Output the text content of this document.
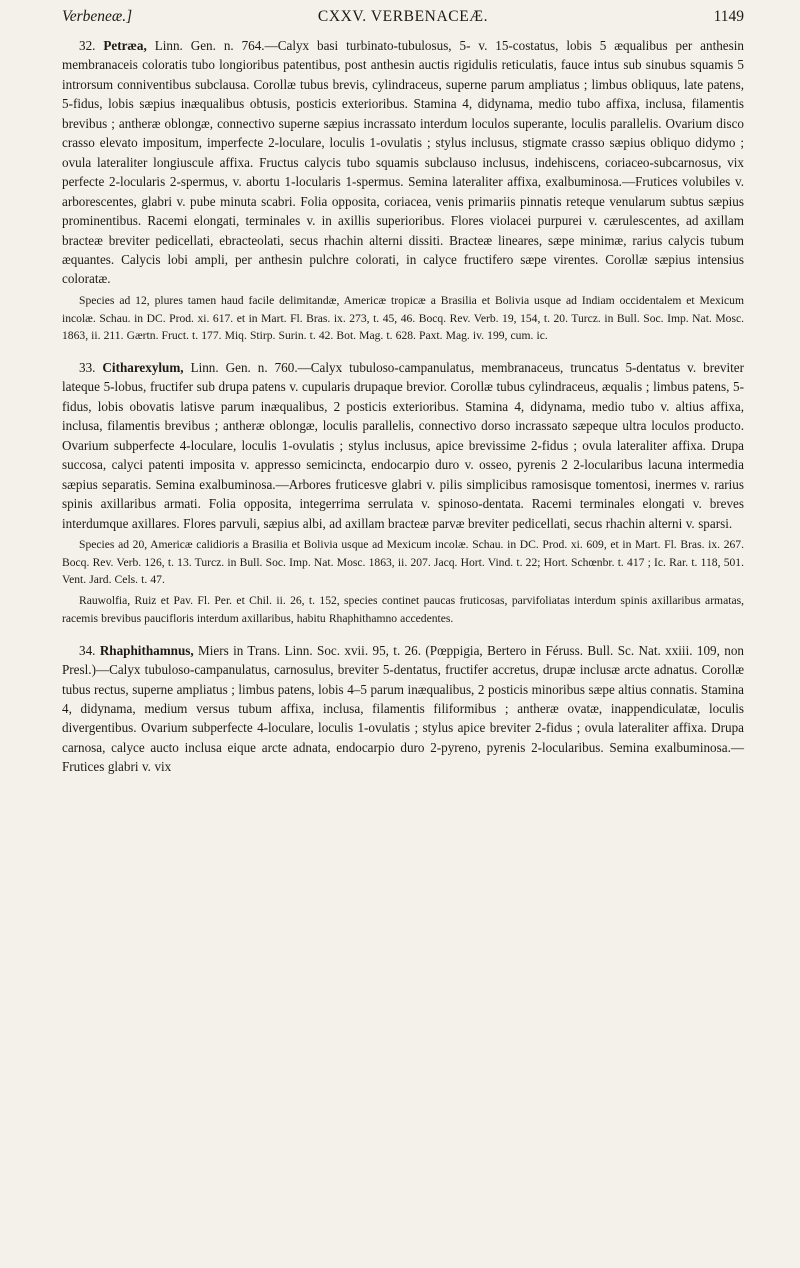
Verbeneæ.]	CXXV. VERBENACEÆ.	1149

32. Petræa, Linn. Gen. n. 764.—Calyx basi turbinato-tubulosus, 5- v. 15-costatus, lobis 5 æqualibus per anthesin membranaceis coloratis tubo longioribus patentibus, post anthesin auctis rigidulis reticulatis, fauce intus sub sinubus squamis 5 introrsum conniventibus subclausa. Corollæ tubus brevis, cylindraceus, superne parum ampliatus ; limbus obliquus, late patens, 5-fidus, lobis sæpius inæqualibus obtusis, posticis exterioribus. Stamina 4, didynama, medio tubo affixa, inclusa, filamentis brevibus ; antheræ oblongæ, connectivo superne sæpius incrassato interdum loculos superante, loculis parallelis. Ovarium disco crasso elevato impositum, imperfecte 2-loculare, loculis 1-ovulatis ; stylus inclusus, stigmate crasso sæpius obliquo didymo ; ovula lateraliter longiuscule affixa. Fructus calycis tubo squamis subclauso inclusus, indehiscens, coriaceo-subcarnosus, vix perfecte 2-locularis 2-spermus, v. abortu 1-locularis 1-spermus. Semina lateraliter affixa, exalbuminosa.—Frutices volubiles v. arborescentes, glabri v. pube minuta scabri. Folia opposita, coriacea, venis primariis pinnatis reteque venularum subtus sæpius prominentibus. Racemi elongati, terminales v. in axillis superioribus. Flores violacei purpurei v. cærulescentes, ad axillam bracteæ breviter pedicellati, ebracteolati, secus rhachin alterni dissiti. Bracteæ lineares, sæpe minimæ, rarius calycis tubum æquantes. Calycis lobi ampli, per anthesin pulchre colorati, in calyce fructifero sæpe virentes. Corollæ sæpius intensius coloratæ.

Species ad 12, plures tamen haud facile delimitandæ, Americæ tropicæ a Brasilia et Bolivia usque ad Indiam occidentalem et Mexicum incolæ. Schau. in DC. Prod. xi. 617. et in Mart. Fl. Bras. ix. 273, t. 45, 46. Bocq. Rev. Verb. 19, 154, t. 20. Turcz. in Bull. Soc. Imp. Nat. Mosc. 1863, ii. 211. Gærtn. Fruct. t. 177. Miq. Stirp. Surin. t. 42. Bot. Mag. t. 628. Paxt. Mag. iv. 199, cum. ic.

33. Citharexylum, Linn. Gen. n. 760.—Calyx tubuloso-campanulatus, membranaceus, truncatus 5-dentatus v. breviter lateque 5-lobus, fructifer sub drupa patens v. cupularis drupaque brevior. Corollæ tubus cylindraceus, æqualis ; limbus patens, 5-fidus, lobis obovatis latisve parum inæqualibus, 2 posticis exterioribus. Stamina 4, didynama, medio tubo v. altius affixa, inclusa, filamentis brevibus ; antheræ oblongæ, loculis parallelis, connectivo dorso incrassato sæpeque ultra loculos producto. Ovarium subperfecte 4-loculare, loculis 1-ovulatis ; stylus inclusus, apice brevissime 2-fidus ; ovula lateraliter affixa. Drupa succosa, calyci patenti imposita v. appresso semicincta, endocarpio duro v. osseo, pyrenis 2 2-locularibus lacuna intermedia sæpius separatis. Semina exalbuminosa.—Arbores fruticesve glabri v. pilis simplicibus ramosisque tomentosi, inermes v. rarius spinis axillaribus armati. Folia opposita, integerrima serrulata v. spinoso-dentata. Racemi terminales elongati v. breves interdumque axillares. Flores parvuli, sæpius albi, ad axillam bracteæ parvæ breviter pedicellati, secus rhachin alterni v. sparsi.

Species ad 20, Americæ calidioris a Brasilia et Bolivia usque ad Mexicum incolæ. Schau. in DC. Prod. xi. 609, et in Mart. Fl. Bras. ix. 267. Bocq. Rev. Verb. 126, t. 13. Turcz. in Bull. Soc. Imp. Nat. Mosc. 1863, ii. 207. Jacq. Hort. Vind. t. 22; Hort. Schœnbr. t. 417 ; Ic. Rar. t. 118, 501. Vent. Jard. Cels. t. 47.

Rauwolfia, Ruiz et Pav. Fl. Per. et Chil. ii. 26, t. 152, species continet paucas fruticosas, parvifoliatas interdum spinis axillaribus armatas, racemis brevibus paucifloris interdum axillaribus, habitu Rhaphithamno accedentes.

34. Rhaphithamnus, Miers in Trans. Linn. Soc. xvii. 95, t. 26. (Pœppigia, Bertero in Féruss. Bull. Sc. Nat. xxiii. 109, non Presl.)—Calyx tubuloso-campanulatus, carnosulus, breviter 5-dentatus, fructifer accretus, drupæ inclusæ arcte adnatus. Corollæ tubus rectus, superne ampliatus ; limbus patens, lobis 4–5 parum inæqualibus, 2 posticis minoribus sæpe altius connatis. Stamina 4, didynama, medium versus tubum affixa, inclusa, filamentis filiformibus ; antheræ ovatæ, inappendiculatæ, loculis divergentibus. Ovarium subperfecte 4-loculare, loculis 1-ovulatis ; stylus apice breviter 2-fidus ; ovula lateraliter affixa. Drupa carnosa, calyce aucto inclusa eique arcte adnata, endocarpio duro 2-pyreno, pyrenis 2-locularibus. Semina exalbuminosa.—Frutices glabri v. vix
